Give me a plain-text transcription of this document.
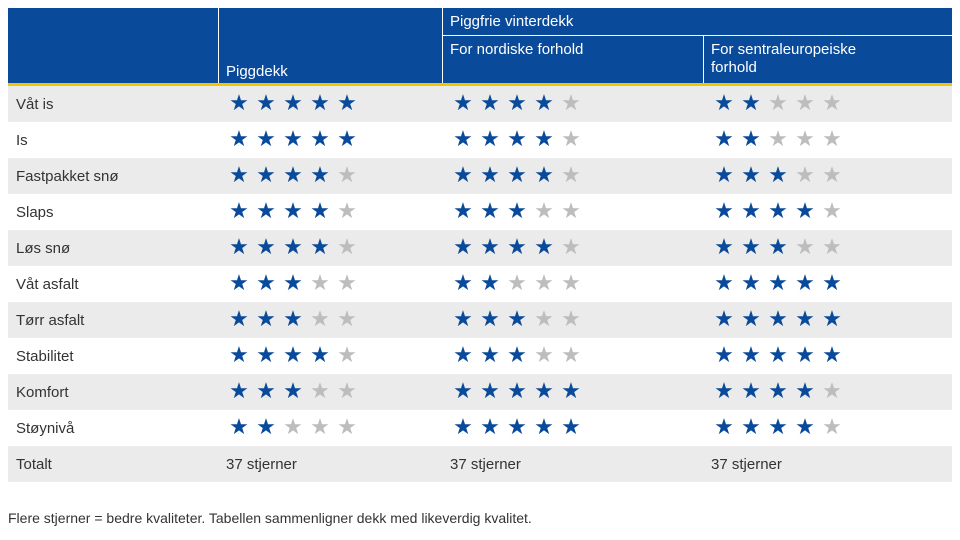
Piggfrie vinterdekk
Piggdekk
For nordiske forhold	For sentraleuropeiske
forhold
Våt is	★ ★ ★ ★ ★	★ ★ ★ ★ ★	★ ★ ★ ★ ★
Is	★ ★ ★ ★ ★	★ ★ ★ ★ ★	★ ★ ★ ★ ★
Fastpakket snø	★ ★ ★ ★ ★	★ ★ ★ ★ ★	★ ★ ★ ★ ★
Slaps	★ ★ ★ ★ ★	★ ★ ★ ★ ★	★ ★ ★ ★ ★
Løs snø	★ ★ ★ ★ ★	★ ★ ★ ★ ★	★ ★ ★ ★ ★
Våt asfalt	★ ★ ★ ★ ★	★ ★ ★ ★ ★	★ ★ ★ ★ ★
Tørr asfalt	★ ★ ★ ★ ★	★ ★ ★ ★ ★	★ ★ ★ ★ ★
Stabilitet	★ ★ ★ ★ ★	★ ★ ★ ★ ★	★ ★ ★ ★ ★
Komfort	★ ★ ★ ★ ★	★ ★ ★ ★ ★	★ ★ ★ ★ ★
Støynivå	★ ★ ★ ★ ★	★ ★ ★ ★ ★	★ ★ ★ ★ ★
Totalt	37 stjerner	37 stjerner	37 stjerner
Flere stjerner = bedre kvaliteter. Tabellen sammenligner dekk med likeverdig kvalitet.
